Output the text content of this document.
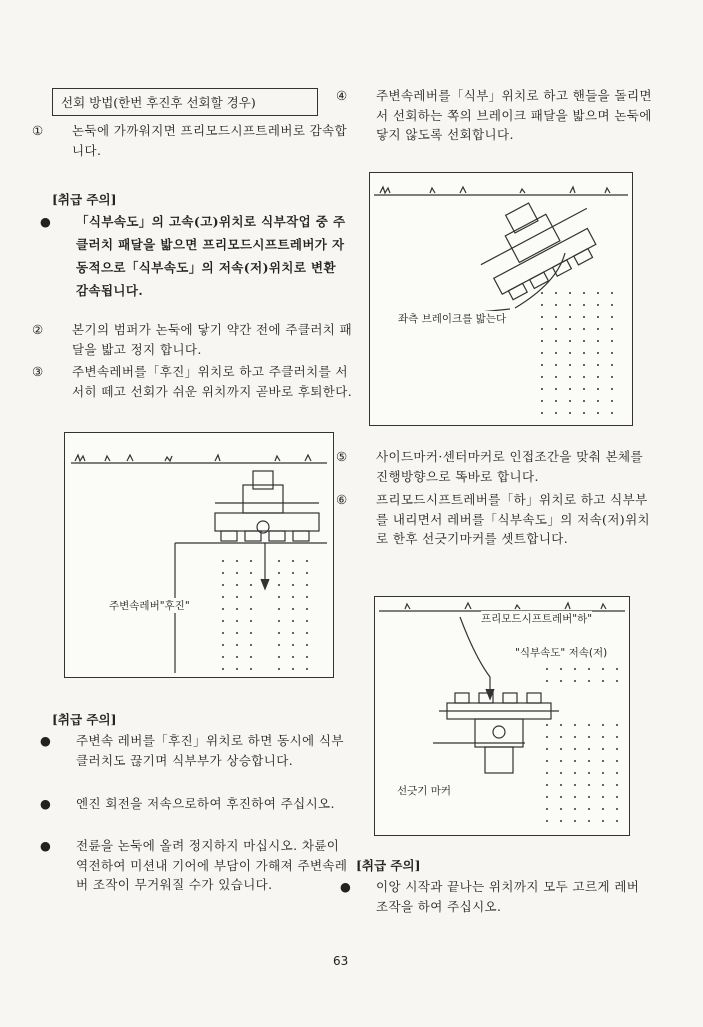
선회 방법(한번 후진후 선회할 경우)
① 논둑에 가까워지면 프리모드시프트레버로 감속합니다.
[취급 주의]
● 「식부속도」의 고속(고)위치로 식부작업 중 주클러치 패달을 밟으면 프리모드시프트레버가 자동적으로「식부속도」의 저속(저)위치로 변환 감속됩니다.
② 본기의 범퍼가 논둑에 닿기 약간 전에 주클러치 패달을 밟고 정지 합니다.
③ 주변속레버를「후진」위치로 하고 주클러치를 서서히 떼고 선회가 쉬운 위치까지 곧바로 후퇴한다.
주변속레버"후진"
[취급 주의]
● 주변속 레버를「후진」위치로 하면 동시에 식부클러치도 끊기며 식부부가 상승합니다.
● 엔진 회전을 저속으로하여 후진하여 주십시오.
● 전륜을 논둑에 올려 정지하지 마십시오. 차륜이 역전하여 미션내 기어에 부담이 가해져 주변속레버 조작이 무거워질 수가 있습니다.
④ 주변속레버를「식부」위치로 하고 핸들을 돌리면서 선회하는 쪽의 브레이크 패달을 밟으며 논둑에 닿지 않도록 선회합니다.
좌측 브레이크를 밟는다
⑤ 사이드마커·센터마커로 인접조간을 맞춰 본체를 진행방향으로 똑바로 합니다.
⑥ 프리모드시프트레버를「하」위치로 하고 식부부를 내리면서 레버를「식부속도」의 저속(저)위치로 한후 선긋기마커를 셋트합니다.
프리모드시프트레버"하"
"식부속도" 저속(저)
선긋기 마커
[취급 주의]
● 이앙 시작과 끝나는 위치까지 모두 고르게 레버 조작을 하여 주십시오.
63
